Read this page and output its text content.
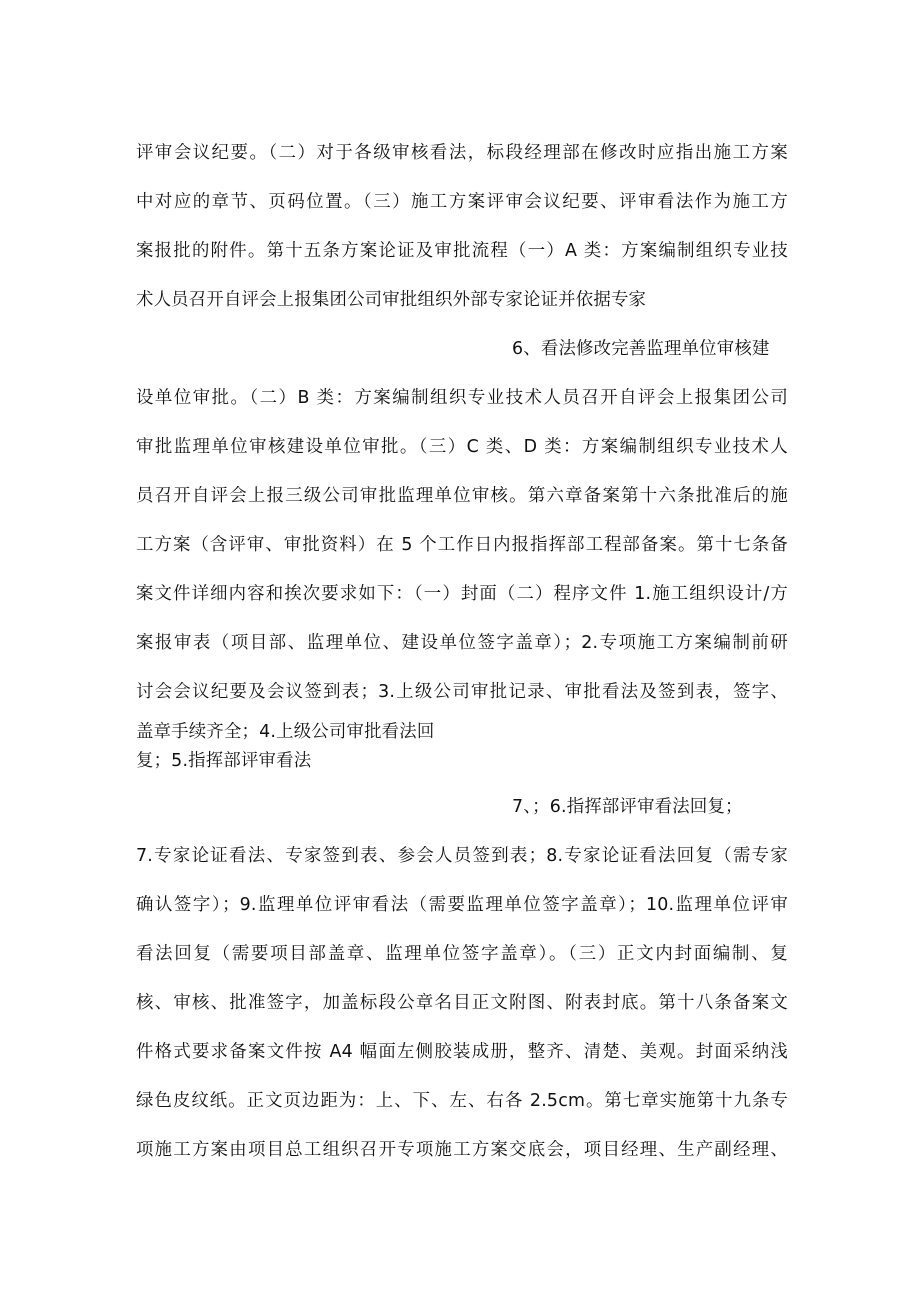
评审会议纪要。（二）对于各级审核看法，标段经理部在修改时应指出施工方案
中对应的章节、页码位置。（三）施工方案评审会议纪要、评审看法作为施工方
案报批的附件。第十五条方案论证及审批流程（一）A 类：方案编制组织专业技
术人员召开自评会上报集团公司审批组织外部专家论证并依据专家
6、看法修改完善监理单位审核建
设单位审批。（二）B 类：方案编制组织专业技术人员召开自评会上报集团公司
审批监理单位审核建设单位审批。（三）C 类、D 类：方案编制组织专业技术人
员召开自评会上报三级公司审批监理单位审核。第六章备案第十六条批准后的施
工方案（含评审、审批资料）在 5 个工作日内报指挥部工程部备案。第十七条备
案文件详细内容和挨次要求如下：（一）封面（二）程序文件 1.施工组织设计/方
案报审表（项目部、监理单位、建设单位签字盖章）；2.专项施工方案编制前研
讨会会议纪要及会议签到表；3.上级公司审批记录、审批看法及签到表，签字、
盖章手续齐全；4.上级公司审批看法回
复；5.指挥部评审看法
7、；6.指挥部评审看法回复；
7.专家论证看法、专家签到表、参会人员签到表；8.专家论证看法回复（需专家
确认签字）；9.监理单位评审看法（需要监理单位签字盖章）；10.监理单位评审
看法回复（需要项目部盖章、监理单位签字盖章）。（三）正文内封面编制、复
核、审核、批准签字，加盖标段公章名目正文附图、附表封底。第十八条备案文
件格式要求备案文件按 A4 幅面左侧胶装成册，整齐、清楚、美观。封面采纳浅
绿色皮纹纸。正文页边距为：上、下、左、右各 2.5cm。第七章实施第十九条专
项施工方案由项目总工组织召开专项施工方案交底会，项目经理、生产副经理、
